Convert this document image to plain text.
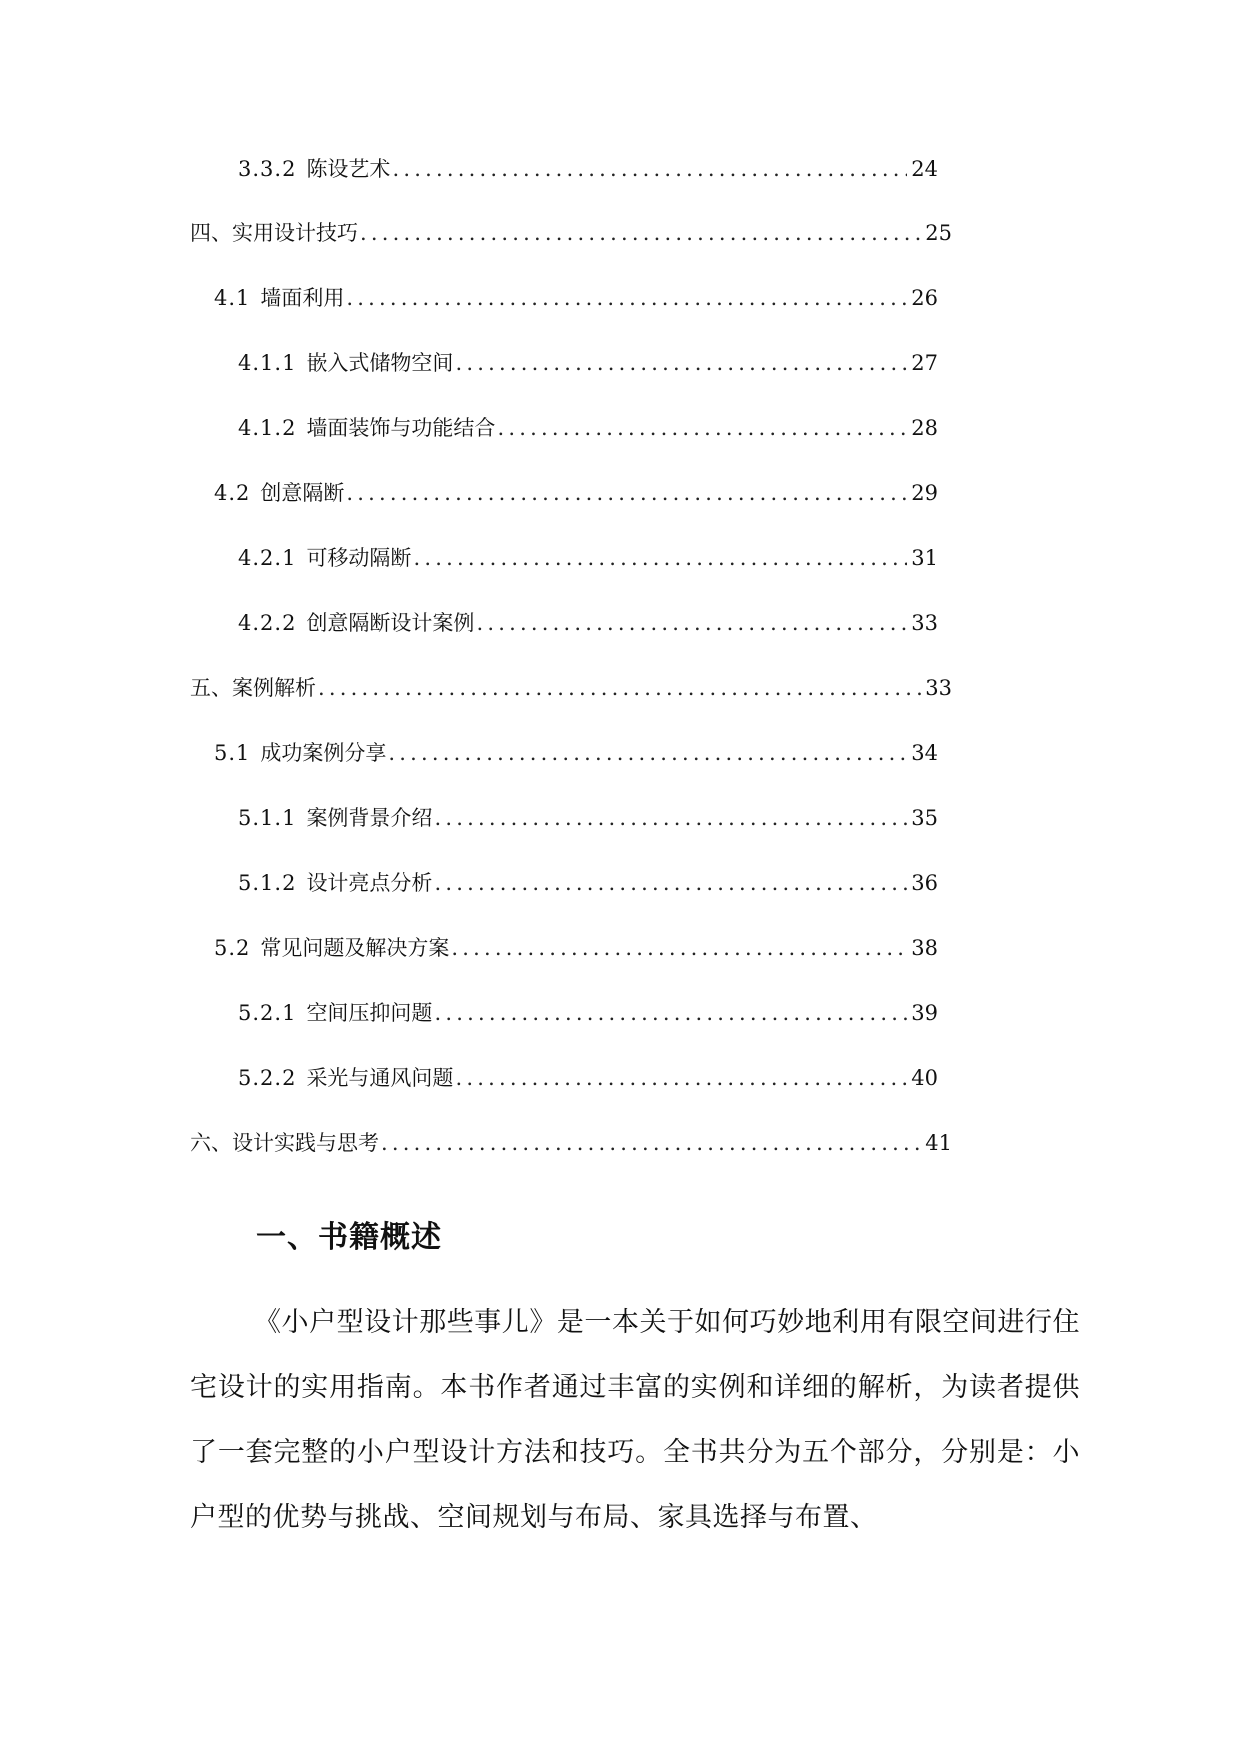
3.3.2 陈设艺术 .....	24
四、实用设计技巧 .....	25
4.1 墙面利用 .....	26
4.1.1 嵌入式储物空间 .....	27
4.1.2 墙面装饰与功能结合 .....	28
4.2 创意隔断 .....	29
4.2.1 可移动隔断 .....	31
4.2.2 创意隔断设计案例 .....	33
五、案例解析 .....	33
5.1 成功案例分享 .....	34
5.1.1 案例背景介绍 .....	35
5.1.2 设计亮点分析 .....	36
5.2 常见问题及解决方案 .....	38
5.2.1 空间压抑问题 .....	39
5.2.2 采光与通风问题 .....	40
六、设计实践与思考 .....	41
一、书籍概述

《小户型设计那些事儿》是一本关于如何巧妙地利用有限空间进行住宅设计的实用指南。本书作者通过丰富的实例和详细的解析，为读者提供了一套完整的小户型设计方法和技巧。全书共分为五个部分，分别是：小户型的优势与挑战、空间规划与布局、家具选择与布置、
